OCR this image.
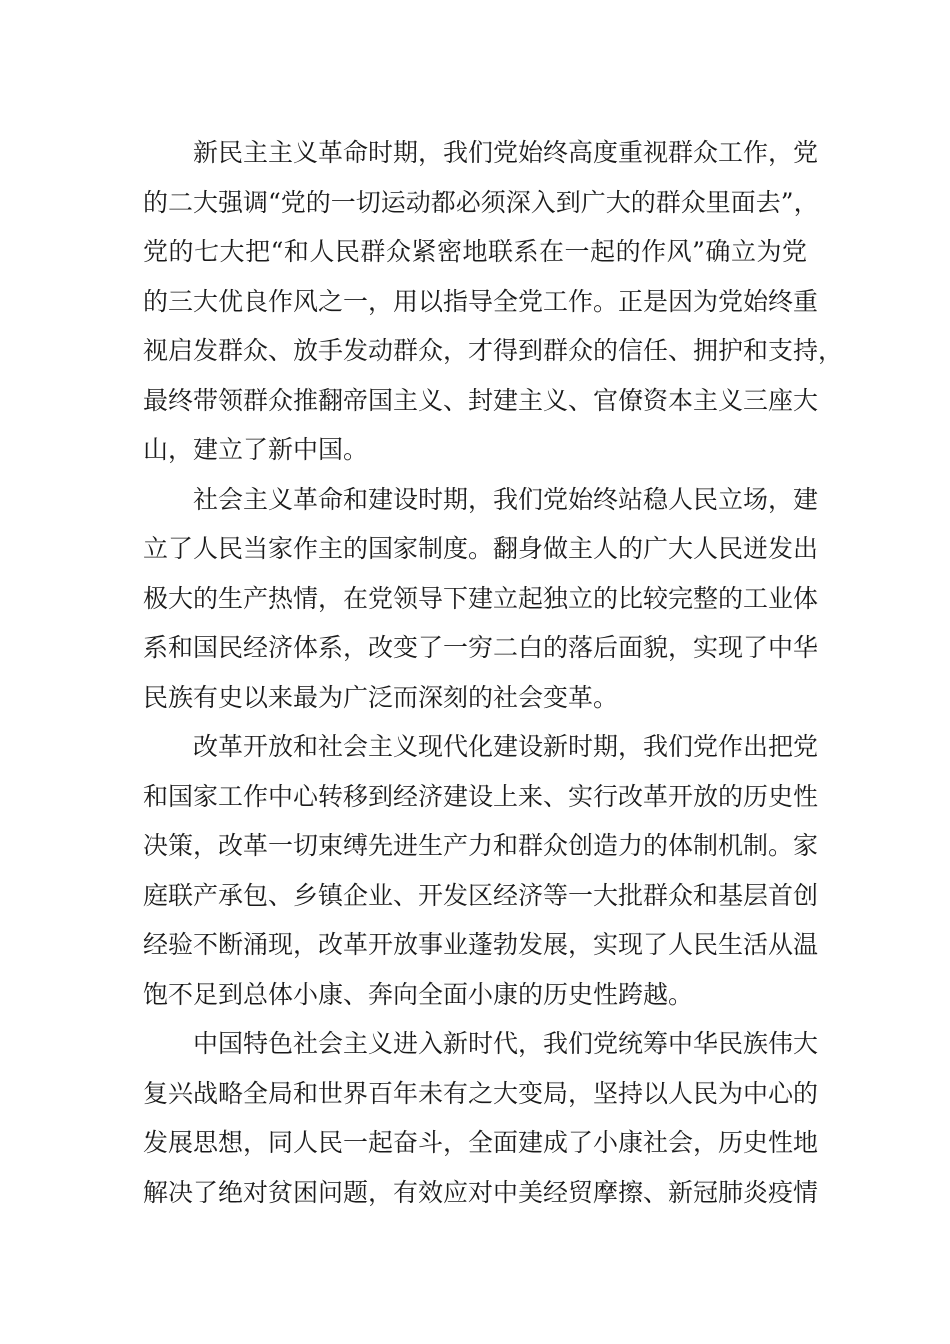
新民主主义革命时期，我们党始终高度重视群众工作，党
的二大强调“党的一切运动都必须深入到广大的群众里面去”，
党的七大把“和人民群众紧密地联系在一起的作风”确立为党
的三大优良作风之一，用以指导全党工作。正是因为党始终重
视启发群众、放手发动群众，才得到群众的信任、拥护和支持，
最终带领群众推翻帝国主义、封建主义、官僚资本主义三座大
山，建立了新中国。
社会主义革命和建设时期，我们党始终站稳人民立场，建
立了人民当家作主的国家制度。翻身做主人的广大人民迸发出
极大的生产热情，在党领导下建立起独立的比较完整的工业体
系和国民经济体系，改变了一穷二白的落后面貌，实现了中华
民族有史以来最为广泛而深刻的社会变革。
改革开放和社会主义现代化建设新时期，我们党作出把党
和国家工作中心转移到经济建设上来、实行改革开放的历史性
决策，改革一切束缚先进生产力和群众创造力的体制机制。家
庭联产承包、乡镇企业、开发区经济等一大批群众和基层首创
经验不断涌现，改革开放事业蓬勃发展，实现了人民生活从温
饱不足到总体小康、奔向全面小康的历史性跨越。
中国特色社会主义进入新时代，我们党统筹中华民族伟大
复兴战略全局和世界百年未有之大变局，坚持以人民为中心的
发展思想，同人民一起奋斗，全面建成了小康社会，历史性地
解决了绝对贫困问题，有效应对中美经贸摩擦、新冠肺炎疫情
